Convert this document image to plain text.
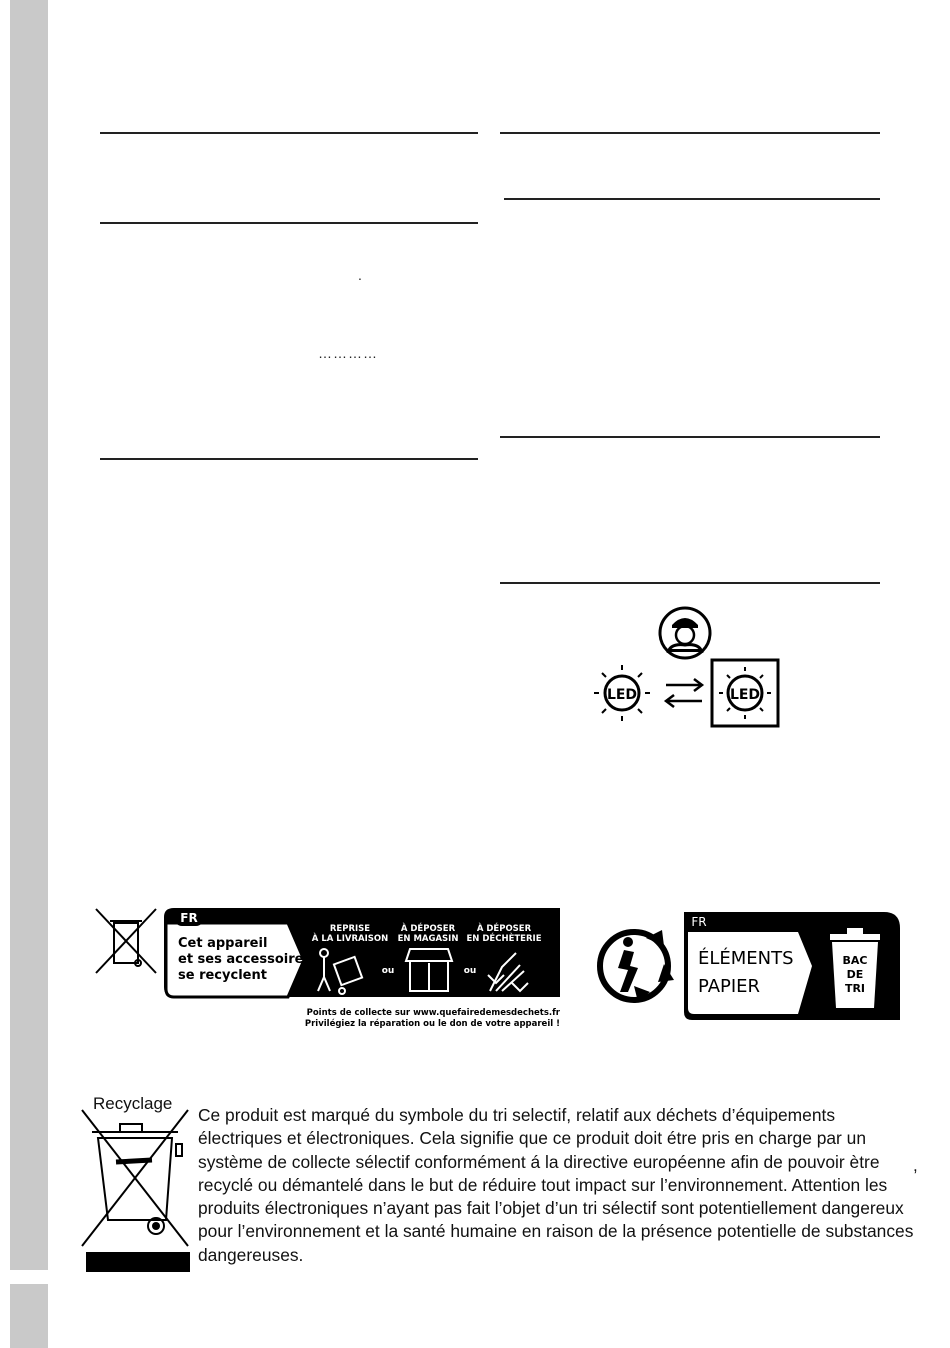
.
…………
LED	LED
FR
Cet appareil
et ses accessoires
se recyclent
REPRISE
À LA LIVRAISON
À DÉPOSER
EN MAGASIN
À DÉPOSER
EN DÉCHÈTERIE
ou	ou
Points de collecte sur www.quefairedemesdechets.fr
Privilégiez la réparation ou le don de votre appareil !
FR
ÉLÉMENTS
PAPIER
BAC
DE
TRI
Recyclage

Ce produit est marqué du symbole du tri selectif, relatif aux déchets d’équipements électriques et électroniques. Cela signifie que ce produit doit étre pris en charge par un système de collecte sélectif conformément á la directive européenne afin de pouvoir ètre recyclé ou démantelé dans le but de réduire tout impact sur l’environnement. Attention les produits électroniques n’ayant pas fait l’objet d’un tri sélectif sont potentiellement dangereux pour l’environnement et la santé humaine en raison de la présence potentielle de substances dangereuses.

,
